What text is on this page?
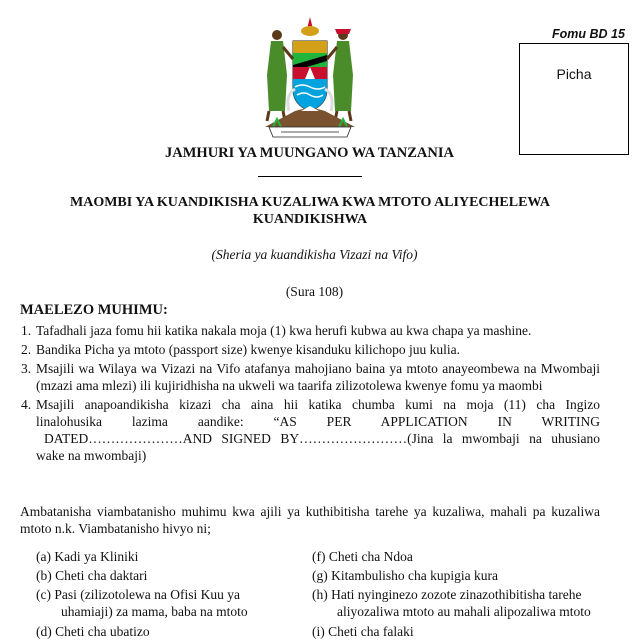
Fomu BD 15
Picha
JAMHURI YA MUUNGANO WA TANZANIA
MAOMBI YA KUANDIKISHA KUZALIWA KWA MTOTO ALIYECHELEWA
KUANDIKISHWA
(Sheria ya kuandikisha Vizazi na Vifo)
(Sura 108)
MAELEZO MUHIMU:
1. Tafadhali jaza fomu hii katika nakala moja (1) kwa herufi kubwa au kwa chapa ya mashine.
2. Bandika Picha ya mtoto (passport size) kwenye kisanduku kilichopo juu kulia.
3. Msajili wa Wilaya wa Vizazi na Vifo atafanya mahojiano baina ya mtoto anayeombewa na Mwombaji (mzazi ama mlezi) ili kujiridhisha na ukweli wa taarifa zilizotolewa kwenye fomu ya maombi
4. Msajili anapoandikisha kizazi cha aina hii katika chumba kumi na moja (11) cha Ingizo
linalohusika lazima aandike: “AS PER APPLICATION IN WRITING
DATED…………………AND SIGNED BY……………………(Jina la mwombaji na uhusiano
wake na mwombaji)
Ambatanisha viambatanisho muhimu kwa ajili ya kuthibitisha tarehe ya kuzaliwa, mahali pa kuzaliwa mtoto n.k. Viambatanisho hivyo ni;
(a) Kadi ya Kliniki
(b) Cheti cha daktari
(c) Pasi (zilizotolewa na Ofisi Kuu ya
uhamiaji) za mama, baba na mtoto
(d) Cheti cha ubatizo
(f) Cheti cha Ndoa
(g) Kitambulisho cha kupigia kura
(h) Hati nyinginezo zozote zinazothibitisha tarehe
aliyozaliwa mtoto au mahali alipozaliwa mtoto
(i) Cheti cha falaki
